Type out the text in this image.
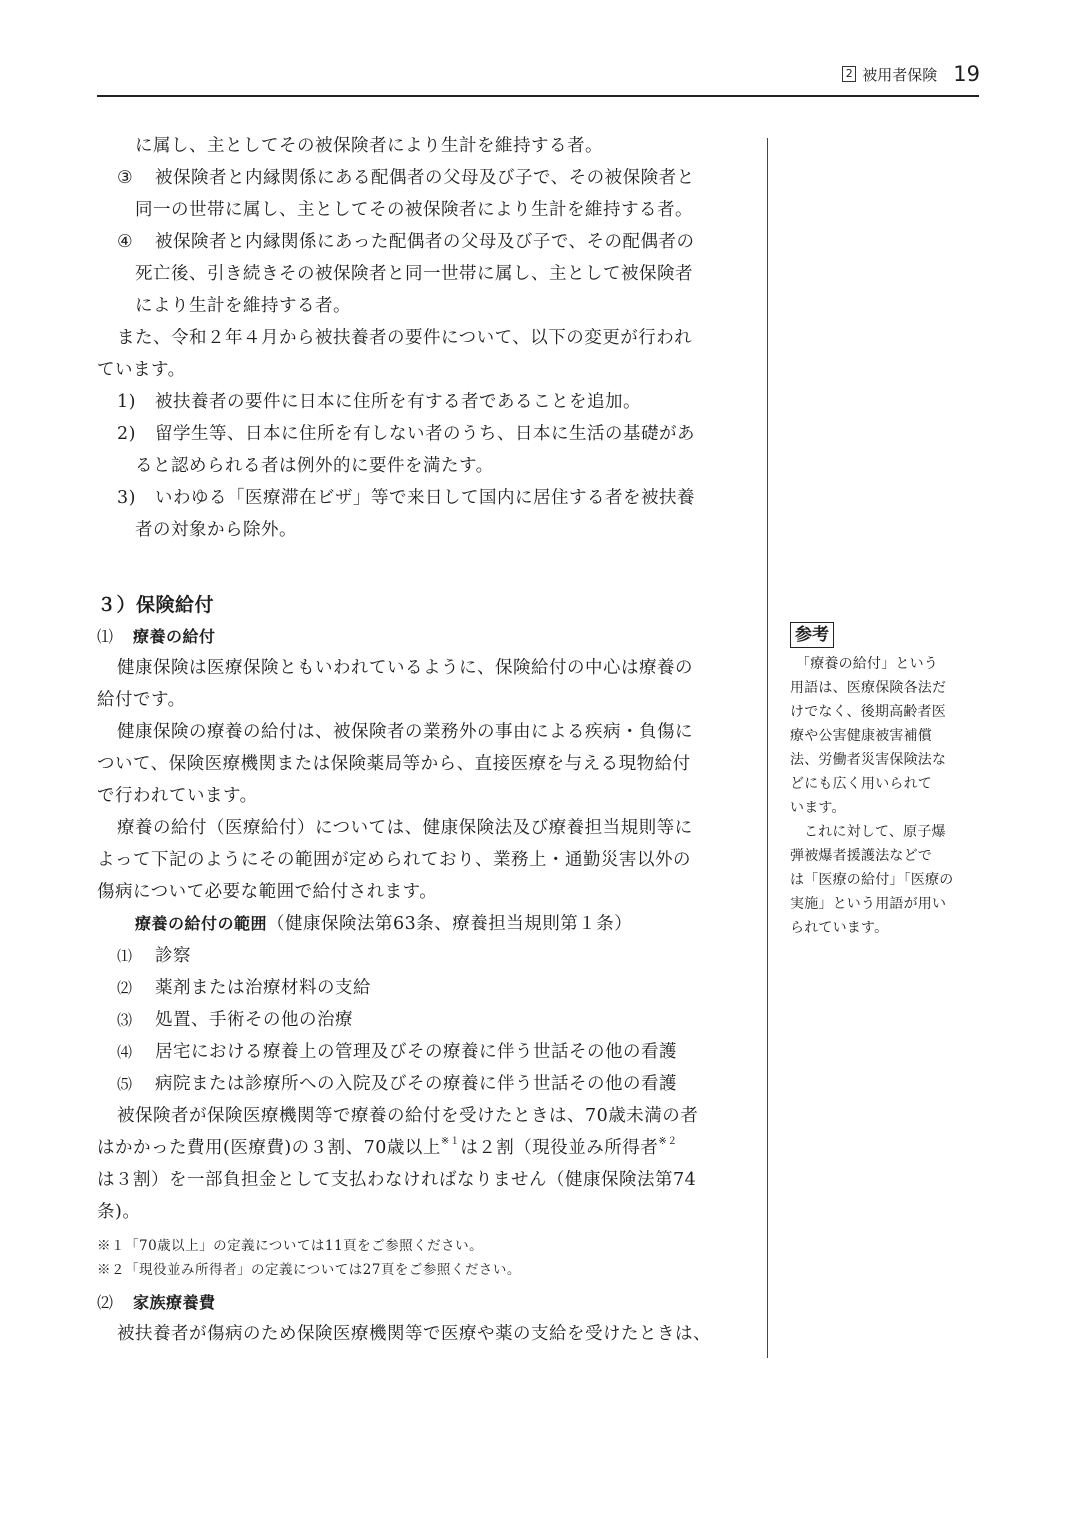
2 被用者保険 19
に属し、主としてその被保険者により生計を維持する者。
③ 被保険者と内縁関係にある配偶者の父母及び子で、その被保険者と
同一の世帯に属し、主としてその被保険者により生計を維持する者。
④ 被保険者と内縁関係にあった配偶者の父母及び子で、その配偶者の
死亡後、引き続きその被保険者と同一世帯に属し、主として被保険者
により生計を維持する者。
また、令和２年４月から被扶養者の要件について、以下の変更が行われ
ています。
1) 被扶養者の要件に日本に住所を有する者であることを追加。
2) 留学生等、日本に住所を有しない者のうち、日本に生活の基礎があ
ると認められる者は例外的に要件を満たす。
3) いわゆる「医療滞在ビザ」等で来日して国内に居住する者を被扶養
者の対象から除外。
３）保険給付
⑴ 療養の給付
健康保険は医療保険ともいわれているように、保険給付の中心は療養の
給付です。
健康保険の療養の給付は、被保険者の業務外の事由による疾病・負傷に
ついて、保険医療機関または保険薬局等から、直接医療を与える現物給付
で行われています。
療養の給付（医療給付）については、健康保険法及び療養担当規則等に
よって下記のようにその範囲が定められており、業務上・通勤災害以外の
傷病について必要な範囲で給付されます。
療養の給付の範囲（健康保険法第63条、療養担当規則第１条）
⑴ 診察
⑵ 薬剤または治療材料の支給
⑶ 処置、手術その他の治療
⑷ 居宅における療養上の管理及びその療養に伴う世話その他の看護
⑸ 病院または診療所への入院及びその療養に伴う世話その他の看護
被保険者が保険医療機関等で療養の給付を受けたときは、70歳未満の者
はかかった費用(医療費)の３割、70歳以上$^{※1}$は２割（現役並み所得者$^{※2}$
は３割）を一部負担金として支払わなければなりません（健康保険法第74
条)。
※１「70歳以上」の定義については11頁をご参照ください。
※２「現役並み所得者」の定義については27頁をご参照ください。
⑵ 家族療養費
被扶養者が傷病のため保険医療機関等で医療や薬の支給を受けたときは、
参考
「療養の給付」という
用語は、医療保険各法だ
けでなく、後期高齢者医
療や公害健康被害補償
法、労働者災害保険法な
どにも広く用いられて
います。
これに対して、原子爆
弾被爆者援護法などで
は「医療の給付」「医療の
実施」という用語が用い
られています。
